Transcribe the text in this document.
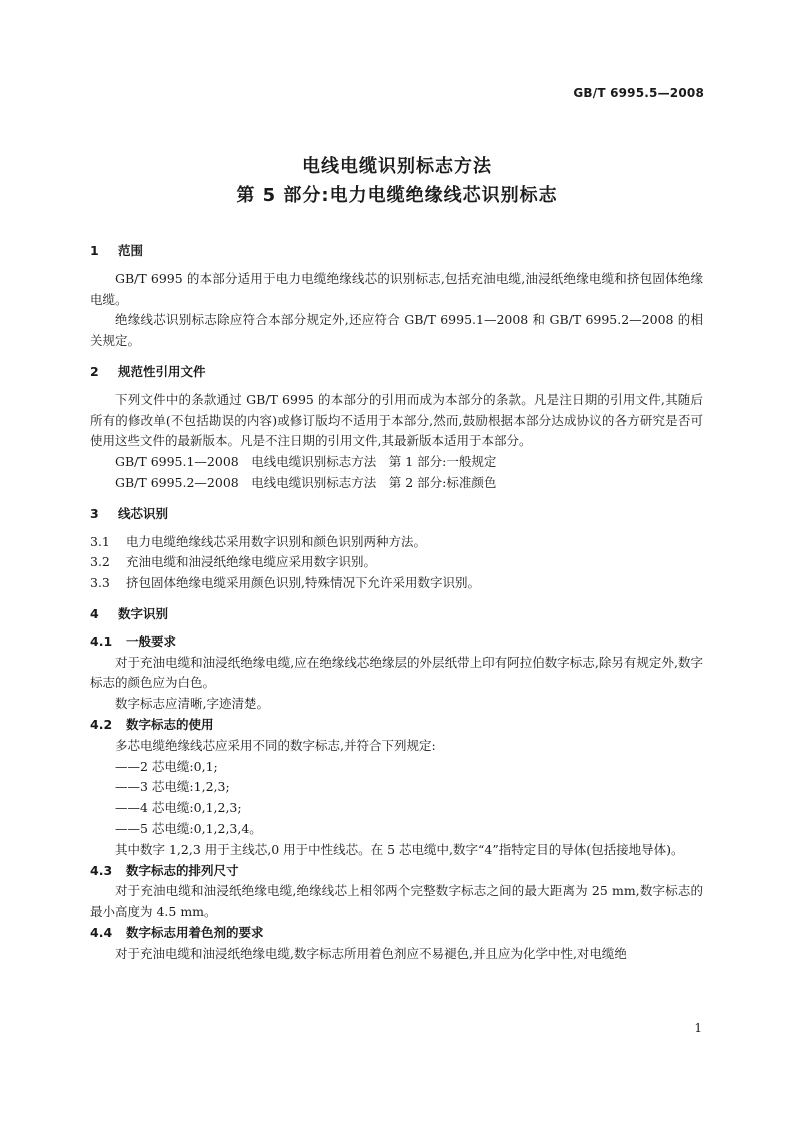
GB/T 6995.5—2008
电线电缆识别标志方法
第 5 部分:电力电缆绝缘线芯识别标志
1 范围

GB/T 6995 的本部分适用于电力电缆绝缘线芯的识别标志,包括充油电缆,油浸纸绝缘电缆和挤包固体绝缘电缆。

绝缘线芯识别标志除应符合本部分规定外,还应符合 GB/T 6995.1—2008 和 GB/T 6995.2—2008 的相关规定。

2 规范性引用文件

下列文件中的条款通过 GB/T 6995 的本部分的引用而成为本部分的条款。凡是注日期的引用文件,其随后所有的修改单(不包括勘误的内容)或修订版均不适用于本部分,然而,鼓励根据本部分达成协议的各方研究是否可使用这些文件的最新版本。凡是不注日期的引用文件,其最新版本适用于本部分。

GB/T 6995.1—2008　电线电缆识别标志方法　第 1 部分:一般规定

GB/T 6995.2—2008　电线电缆识别标志方法　第 2 部分:标准颜色

3 线芯识别

3.1 电力电缆绝缘线芯采用数字识别和颜色识别两种方法。

3.2 充油电缆和油浸纸绝缘电缆应采用数字识别。

3.3 挤包固体绝缘电缆采用颜色识别,特殊情况下允许采用数字识别。

4 数字识别
4.1 一般要求

对于充油电缆和油浸纸绝缘电缆,应在绝缘线芯绝缘层的外层纸带上印有阿拉伯数字标志,除另有规定外,数字标志的颜色应为白色。

数字标志应清晰,字迹清楚。

4.2 数字标志的使用

多芯电缆绝缘线芯应采用不同的数字标志,并符合下列规定:

——2 芯电缆:0,1;

——3 芯电缆:1,2,3;

——4 芯电缆:0,1,2,3;

——5 芯电缆:0,1,2,3,4。

其中数字 1,2,3 用于主线芯,0 用于中性线芯。在 5 芯电缆中,数字“4”指特定目的导体(包括接地导体)。

4.3 数字标志的排列尺寸

对于充油电缆和油浸纸绝缘电缆,绝缘线芯上相邻两个完整数字标志之间的最大距离为 25 mm,数字标志的最小高度为 4.5 mm。

4.4 数字标志用着色剂的要求

对于充油电缆和油浸纸绝缘电缆,数字标志所用着色剂应不易褪色,并且应为化学中性,对电缆绝

1
